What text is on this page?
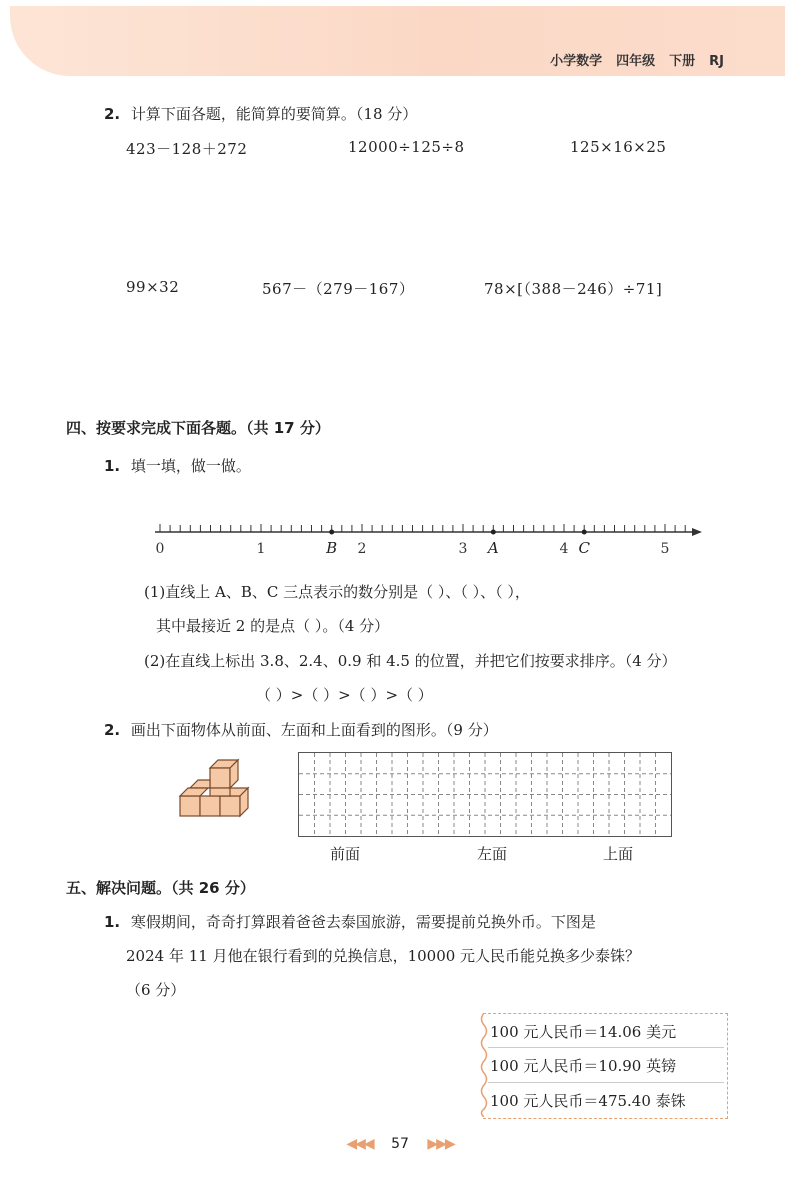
小学数学 四年级 下册 RJ
2. 计算下面各题，能简算的要简算。（18 分）
423－128＋272	12000÷125÷8	125×16×25
99×32	567－（279－167）	78×[（388－246）÷71]
四、按要求完成下面各题。（共 17 分）
1. 填一填，做一做。
0	1	2	3	4	5
B	A	C
(1)直线上 A、B、C 三点表示的数分别是（ ）、（ ）、（ ），
其中最接近 2 的是点（ ）。（4 分）
(2)在直线上标出 3.8、2.4、0.9 和 4.5 的位置，并把它们按要求排序。（4 分）
（ ）>（ ）>（ ）>（ ）
2. 画出下面物体从前面、左面和上面看到的图形。（9 分）
前面	左面	上面
五、解决问题。（共 26 分）
1. 寒假期间，奇奇打算跟着爸爸去泰国旅游，需要提前兑换外币。下图是
2024 年 11 月他在银行看到的兑换信息，10000 元人民币能兑换多少泰铢？
（6 分）
100 元人民币＝14.06 美元
100 元人民币＝10.90 英镑
100 元人民币＝475.40 泰铢
◀◀◀ 57 ▶▶▶
